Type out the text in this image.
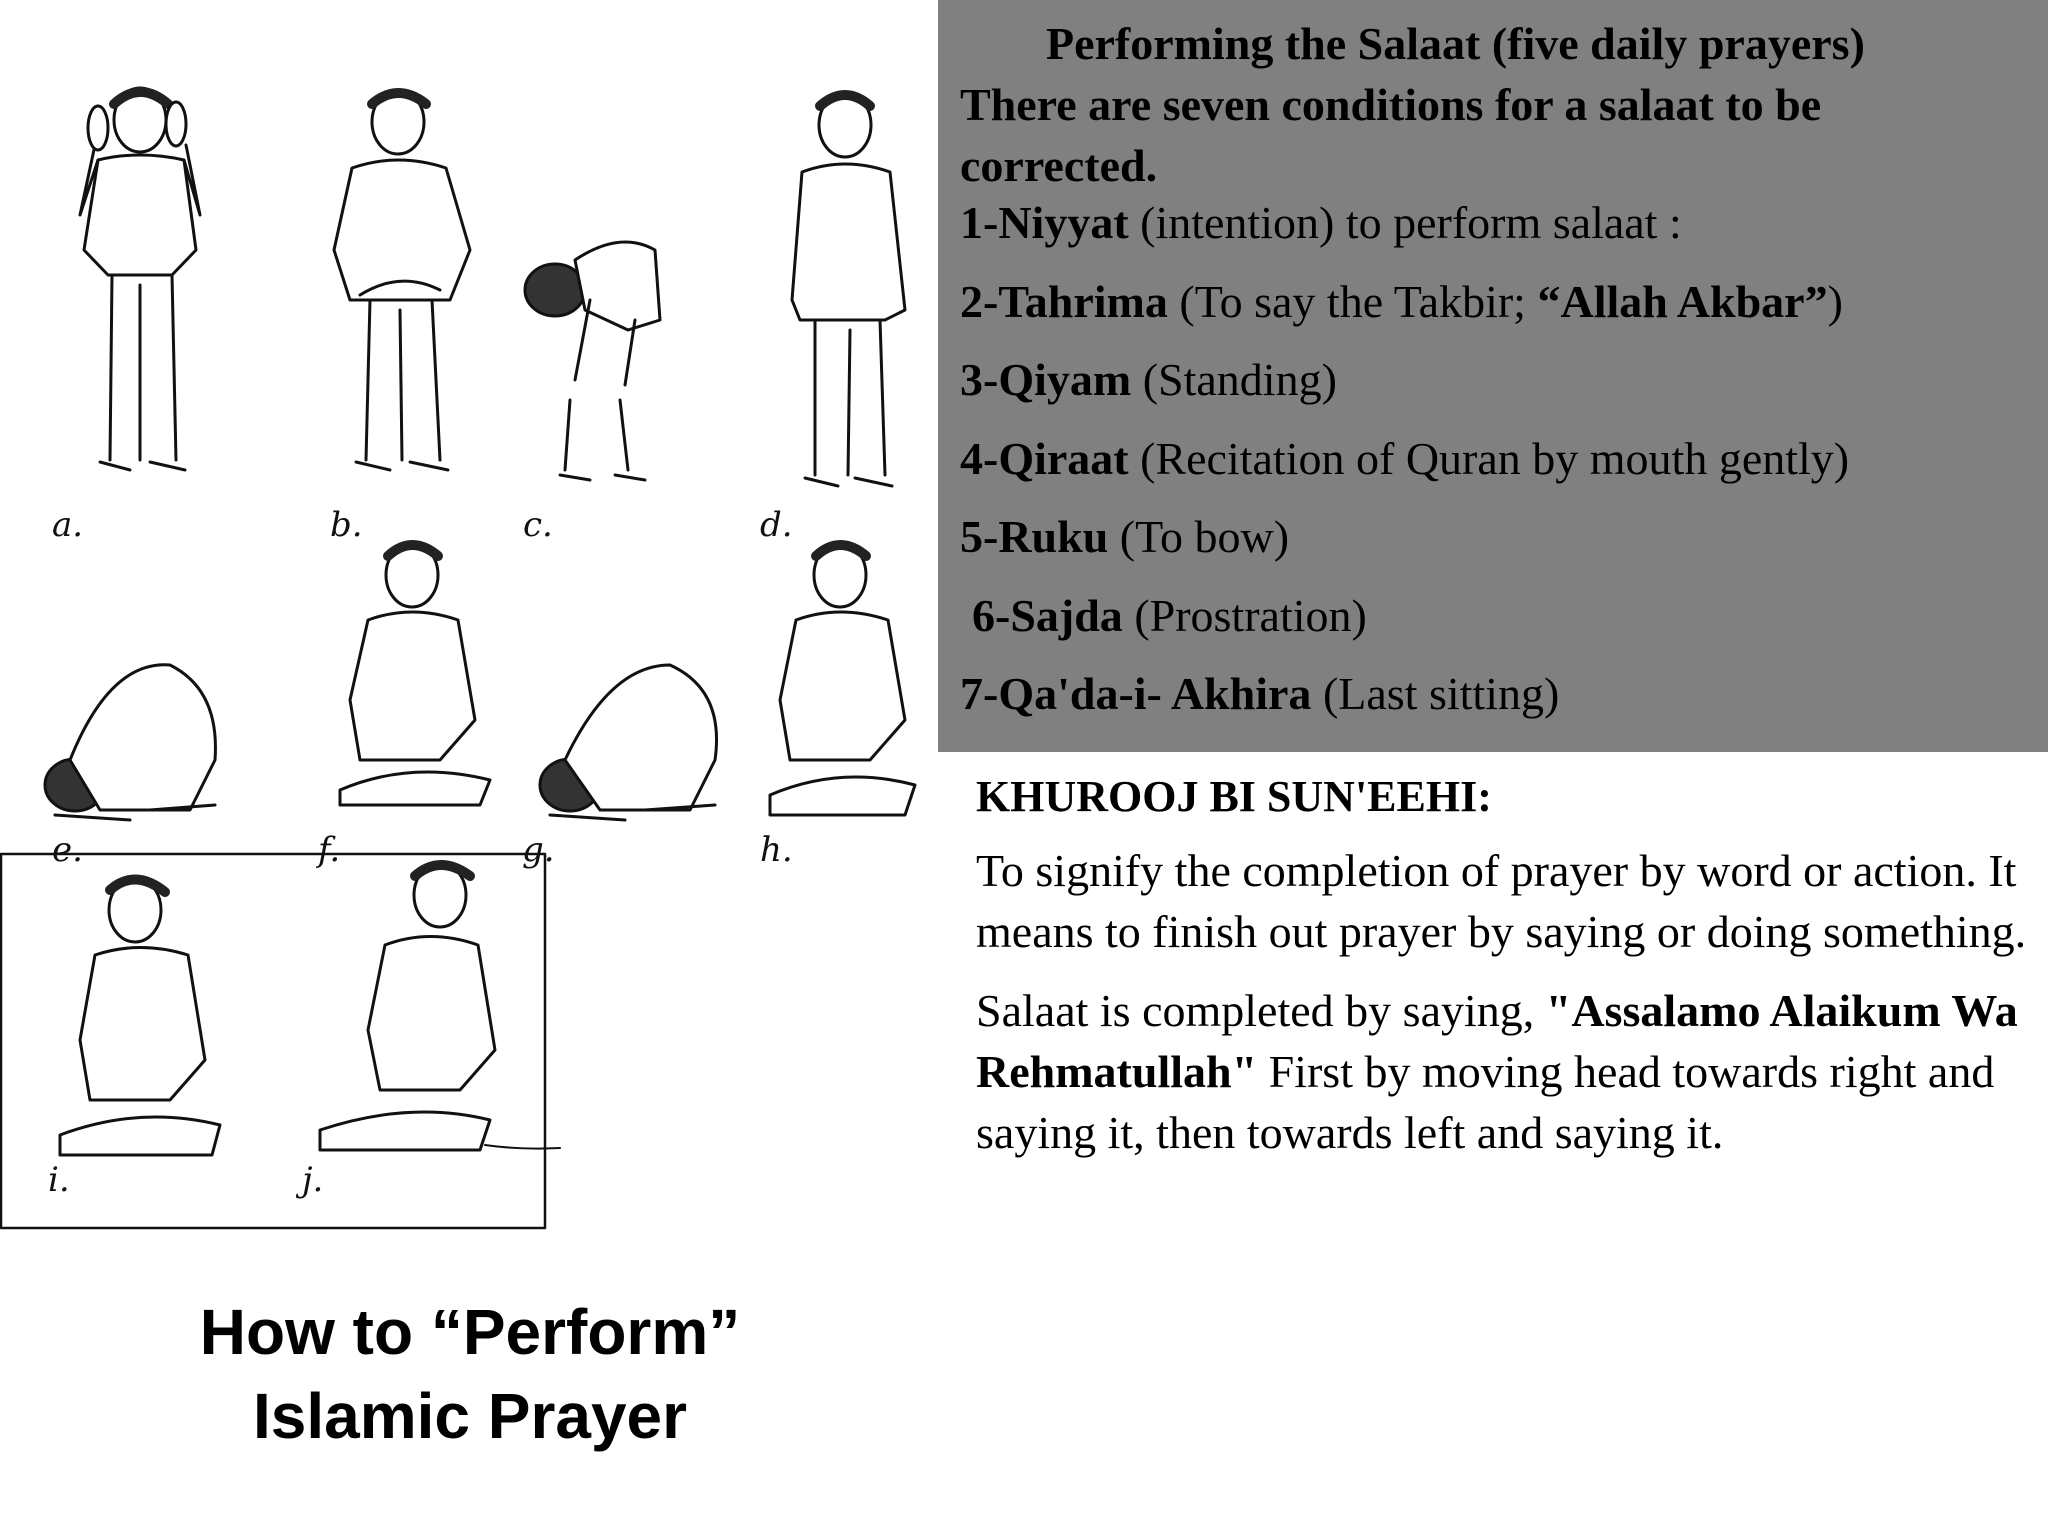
a.	b.	c.	d.
e.	f.	g.	h.
i.	j.
How to “Perform”
Islamic Prayer

Performing the Salaat (five daily prayers)

There are seven conditions for a salaat to be corrected.

1-Niyyat (intention) to perform salaat :

2-Tahrima (To say the Takbir; “Allah Akbar”)

3-Qiyam (Standing)

4-Qiraat (Recitation of Quran by mouth gently)

5-Ruku (To bow)

6-Sajda (Prostration)

7-Qa'da-i- Akhira (Last sitting)

KHUROOJ BI SUN'EEHI:

To signify the completion of prayer by word or action. It means to finish out prayer by saying or doing something.

Salaat is completed by saying, "Assalamo Alaikum Wa Rehmatullah" First by moving head towards right and saying it, then towards left and saying it.
